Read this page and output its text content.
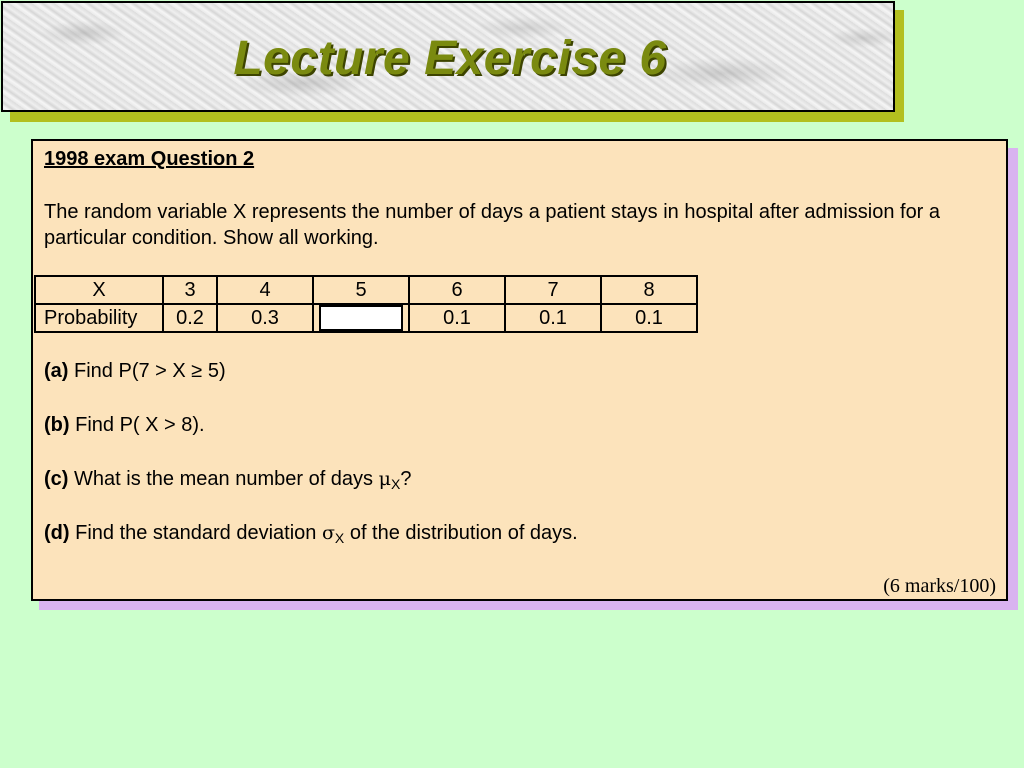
Lecture Exercise 6
1998 exam Question 2
The random variable X represents the number of days a patient stays in hospital after admission for a particular condition. Show all working.
X	3	4	5	6	7	8
Probability	0.2	0.3		0.1	0.1	0.1
(a) Find P(7 > X ≥ 5)
(b) Find P( X > 8).
(c) What is the mean number of days $\mu_X$?
(d) Find the standard deviation $\sigma_X$ of the distribution of days.
(6 marks/100)
